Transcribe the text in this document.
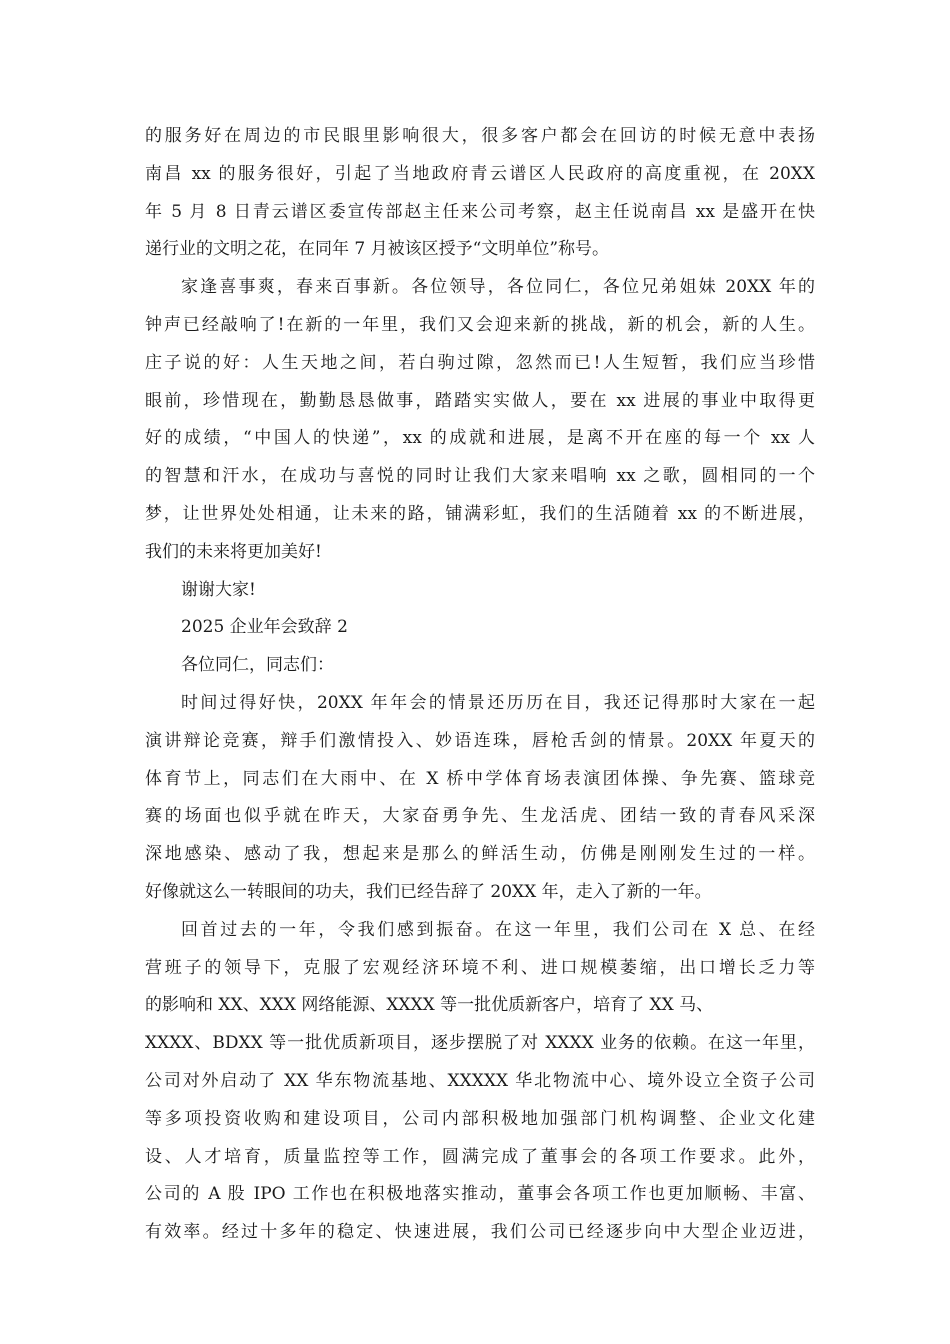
的服务好在周边的市民眼里影响很大，很多客户都会在回访的时候无意中表扬
南昌 xx 的服务很好，引起了当地政府青云谱区人民政府的高度重视，在 20XX
年 5 月 8 日青云谱区委宣传部赵主任来公司考察，赵主任说南昌 xx 是盛开在快
递行业的文明之花，在同年 7 月被该区授予“文明单位”称号。
家逢喜事爽，春来百事新。各位领导，各位同仁，各位兄弟姐妹 20XX 年的
钟声已经敲响了!在新的一年里，我们又会迎来新的挑战，新的机会，新的人生。
庄子说的好：人生天地之间，若白驹过隙，忽然而已!人生短暂，我们应当珍惜
眼前，珍惜现在，勤勤恳恳做事，踏踏实实做人，要在 xx 进展的事业中取得更
好的成绩，“中国人的快递”，xx 的成就和进展，是离不开在座的每一个 xx 人
的智慧和汗水，在成功与喜悦的同时让我们大家来唱响 xx 之歌，圆相同的一个
梦，让世界处处相通，让未来的路，铺满彩虹，我们的生活随着 xx 的不断进展，
我们的未来将更加美好!
谢谢大家!
2025 企业年会致辞 2
各位同仁，同志们：
时间过得好快，20XX 年年会的情景还历历在目，我还记得那时大家在一起
演讲辩论竞赛，辩手们激情投入、妙语连珠，唇枪舌剑的情景。20XX 年夏天的
体育节上，同志们在大雨中、在 X 桥中学体育场表演团体操、争先赛、篮球竞
赛的场面也似乎就在昨天，大家奋勇争先、生龙活虎、团结一致的青春风采深
深地感染、感动了我，想起来是那么的鲜活生动，仿佛是刚刚发生过的一样。
好像就这么一转眼间的功夫，我们已经告辞了 20XX 年，走入了新的一年。
回首过去的一年，令我们感到振奋。在这一年里，我们公司在 X 总、在经
营班子的领导下，克服了宏观经济环境不利、进口规模萎缩，出口增长乏力等
的影响和 XX、XXX 网络能源、XXXX 等一批优质新客户，培育了 XX 马、
XXXX、BDXX 等一批优质新项目，逐步摆脱了对 XXXX 业务的依赖。在这一年里，
公司对外启动了 XX 华东物流基地、XXXXX 华北物流中心、境外设立全资子公司
等多项投资收购和建设项目，公司内部积极地加强部门机构调整、企业文化建
设、人才培育，质量监控等工作，圆满完成了董事会的各项工作要求。此外，
公司的 A 股 IPO 工作也在积极地落实推动，董事会各项工作也更加顺畅、丰富、
有效率。经过十多年的稳定、快速进展，我们公司已经逐步向中大型企业迈进，
